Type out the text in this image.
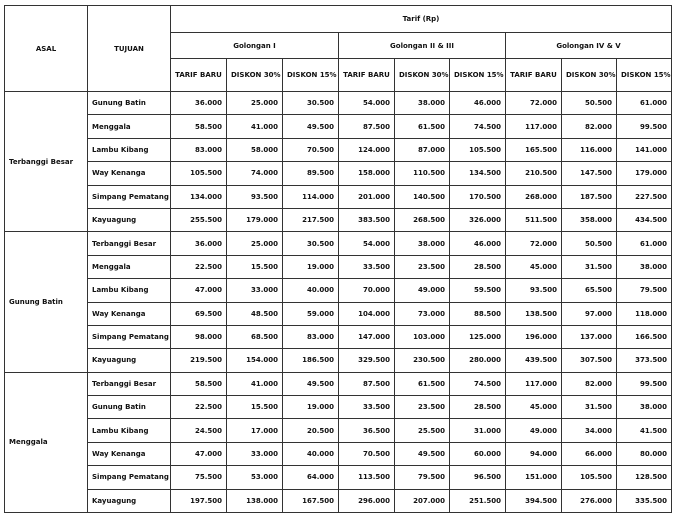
ASAL	TUJUAN	Tarif (Rp)								
		Golongan I			Golongan II & III			Golongan IV & V		
		TARIF BARU	DISKON 30%	DISKON 15%	TARIF BARU	DISKON 30%	DISKON 15%	TARIF BARU	DISKON 30%	DISKON 15%
Terbanggi Besar	Gunung Batin	36.000	25.000	30.500	54.000	38.000	46.000	72.000	50.500	61.000
	Menggala	58.500	41.000	49.500	87.500	61.500	74.500	117.000	82.000	99.500
	Lambu Kibang	83.000	58.000	70.500	124.000	87.000	105.500	165.500	116.000	141.000
	Way Kenanga	105.500	74.000	89.500	158.000	110.500	134.500	210.500	147.500	179.000
	Simpang Pematang	134.000	93.500	114.000	201.000	140.500	170.500	268.000	187.500	227.500
	Kayuagung	255.500	179.000	217.500	383.500	268.500	326.000	511.500	358.000	434.500
Gunung Batin	Terbanggi Besar	36.000	25.000	30.500	54.000	38.000	46.000	72.000	50.500	61.000
	Menggala	22.500	15.500	19.000	33.500	23.500	28.500	45.000	31.500	38.000
	Lambu Kibang	47.000	33.000	40.000	70.000	49.000	59.500	93.500	65.500	79.500
	Way Kenanga	69.500	48.500	59.000	104.000	73.000	88.500	138.500	97.000	118.000
	Simpang Pematang	98.000	68.500	83.000	147.000	103.000	125.000	196.000	137.000	166.500
	Kayuagung	219.500	154.000	186.500	329.500	230.500	280.000	439.500	307.500	373.500
Menggala	Terbanggi Besar	58.500	41.000	49.500	87.500	61.500	74.500	117.000	82.000	99.500
	Gunung Batin	22.500	15.500	19.000	33.500	23.500	28.500	45.000	31.500	38.000
	Lambu Kibang	24.500	17.000	20.500	36.500	25.500	31.000	49.000	34.000	41.500
	Way Kenanga	47.000	33.000	40.000	70.500	49.500	60.000	94.000	66.000	80.000
	Simpang Pematang	75.500	53.000	64.000	113.500	79.500	96.500	151.000	105.500	128.500
	Kayuagung	197.500	138.000	167.500	296.000	207.000	251.500	394.500	276.000	335.500
